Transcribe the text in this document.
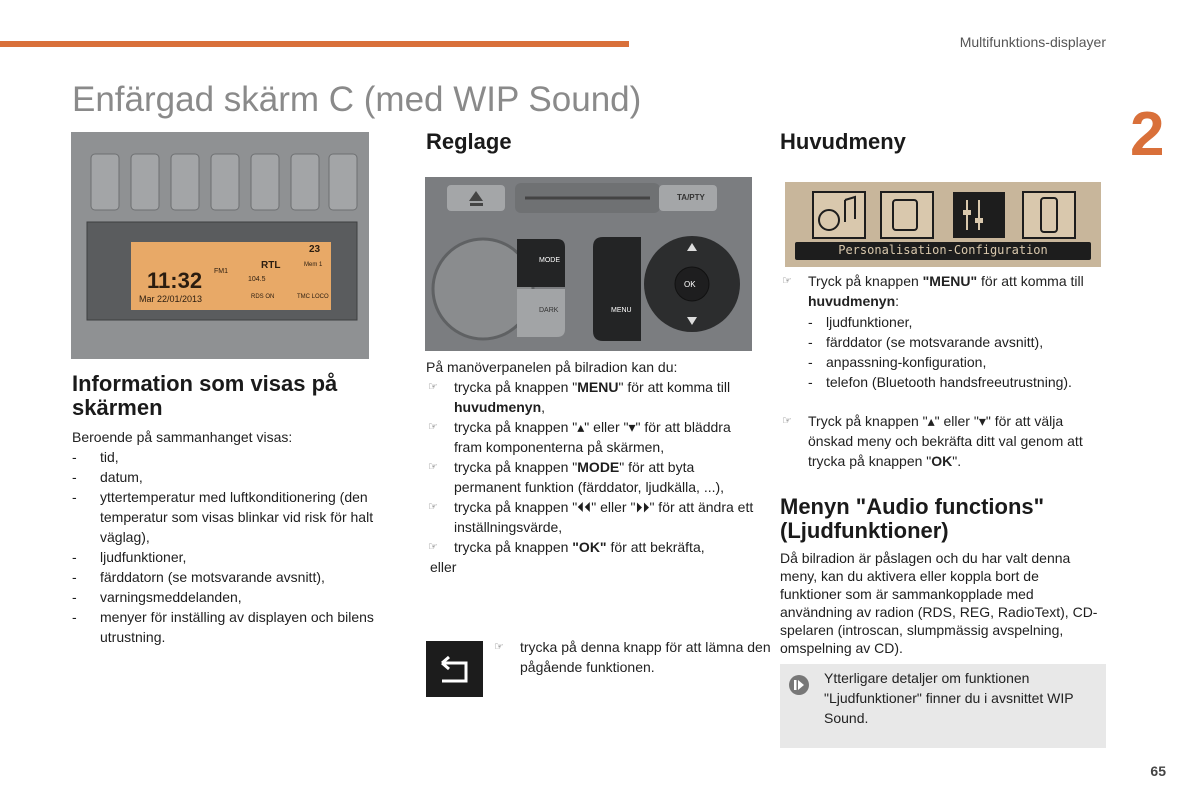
Multifunktions-displayer
2
Enfärgad skärm C (med WIP Sound)
11:32
Mar 22/01/2013
23
FM1
RTL
104.5
Mem 1
RDS ON	TMC LOCO
Information som visas på skärmen
Beroende på sammanhanget visas:
- tid,
- datum,
- yttertemperatur med luftkonditionering (den temperatur som visas blinkar vid risk för halt väglag),
- ljudfunktioner,
- färddatorn (se motsvarande avsnitt),
- varningsmeddelanden,
- menyer för inställing av displayen och bilens utrustning.
Reglage
TA/PTY
MODE
DARK	MENU
OK
På manöverpanelen på bilradion kan du:
☞ trycka på knappen "MENU" för att komma till huvudmenyn,
☞ trycka på knappen "▴" eller "▾" för att bläddra fram komponenterna på skärmen,
☞ trycka på knappen "MODE" för att byta permanent funktion (färddator, ljudkälla, ...),
☞ trycka på knappen "⏴⏴" eller "⏵⏵" för att ändra ett inställningsvärde,
☞ trycka på knappen "OK" för att bekräfta,
eller
☞ trycka på denna knapp för att lämna den pågående funktionen.
Huvudmeny
Personalisation-Configuration
☞ Tryck på knappen "MENU" för att komma till huvudmenyn:
- ljudfunktioner,
- färddator (se motsvarande avsnitt),
- anpassning-konfiguration,
- telefon (Bluetooth handsfreeutrustning).
☞ Tryck på knappen "▴" eller "▾" för att välja önskad meny och bekräfta ditt val genom att trycka på knappen "OK".
Menyn "Audio functions" (Ljudfunktioner)
Då bilradion är påslagen och du har valt denna meny, kan du aktivera eller koppla bort de funktioner som är sammankopplade med användning av radion (RDS, REG, RadioText), CD-spelaren (introscan, slumpmässig avspelning, omspelning av CD).
Ytterligare detaljer om funktionen "Ljudfunktioner" finner du i avsnittet WIP Sound.
65
